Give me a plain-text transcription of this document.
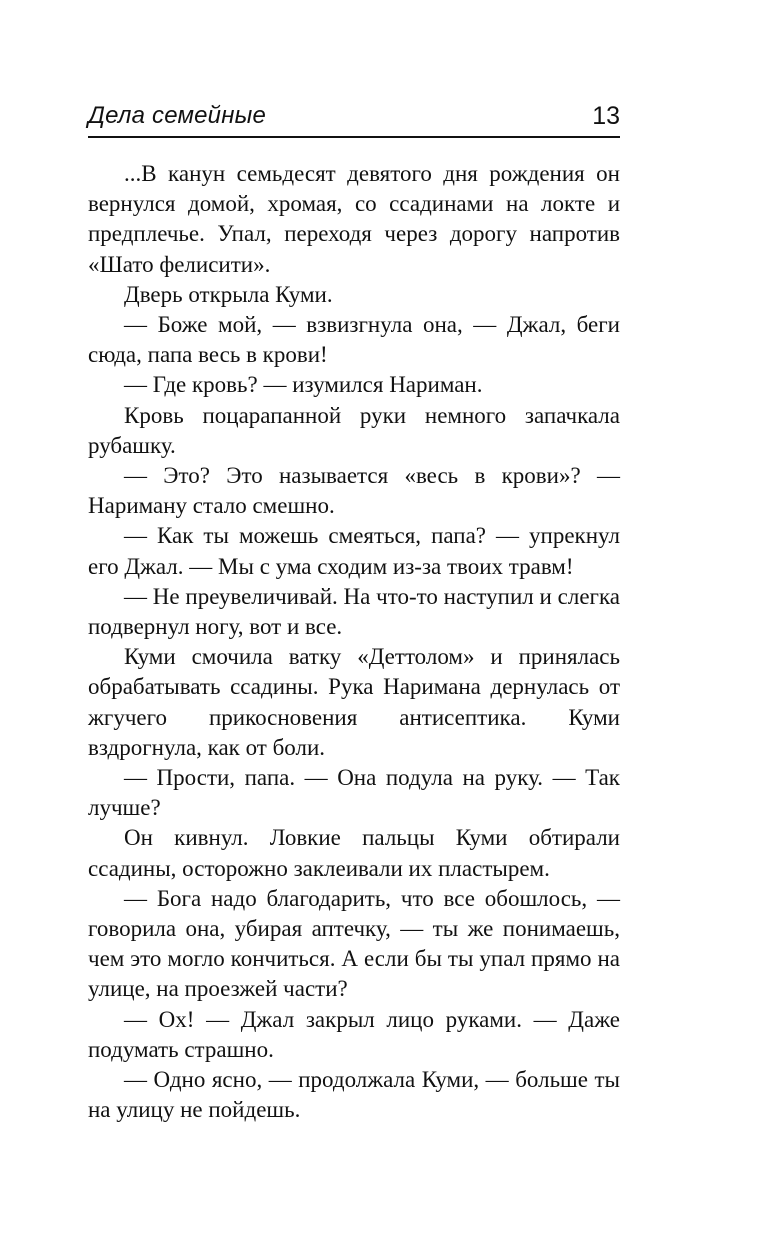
Дела семейные	13

...В канун семьдесят девятого дня рождения он вернулся домой, хромая, со ссадинами на локте и предплечье. Упал, переходя через дорогу напротив «Шато фелисити».

Дверь открыла Куми.

— Боже мой, — взвизгнула она, — Джал, беги сюда, папа весь в крови!

— Где кровь? — изумился Нариман.

Кровь поцарапанной руки немного запачкала рубашку.

— Это? Это называется «весь в крови»? — Нариману стало смешно.

— Как ты можешь смеяться, папа? — упрекнул его Джал. — Мы с ума сходим из-за твоих травм!

— Не преувеличивай. На что-то наступил и слегка подвернул ногу, вот и все.

Куми смочила ватку «Деттолом» и принялась обрабатывать ссадины. Рука Наримана дернулась от жгучего прикосновения антисептика. Куми вздрогнула, как от боли.

— Прости, папа. — Она подула на руку. — Так лучше?

Он кивнул. Ловкие пальцы Куми обтирали ссадины, осторожно заклеивали их пластырем.

— Бога надо благодарить, что все обошлось, — говорила она, убирая аптечку, — ты же понимаешь, чем это могло кончиться. А если бы ты упал прямо на улице, на проезжей части?

— Ох! — Джал закрыл лицо руками. — Даже подумать страшно.

— Одно ясно, — продолжала Куми, — больше ты на улицу не пойдешь.
